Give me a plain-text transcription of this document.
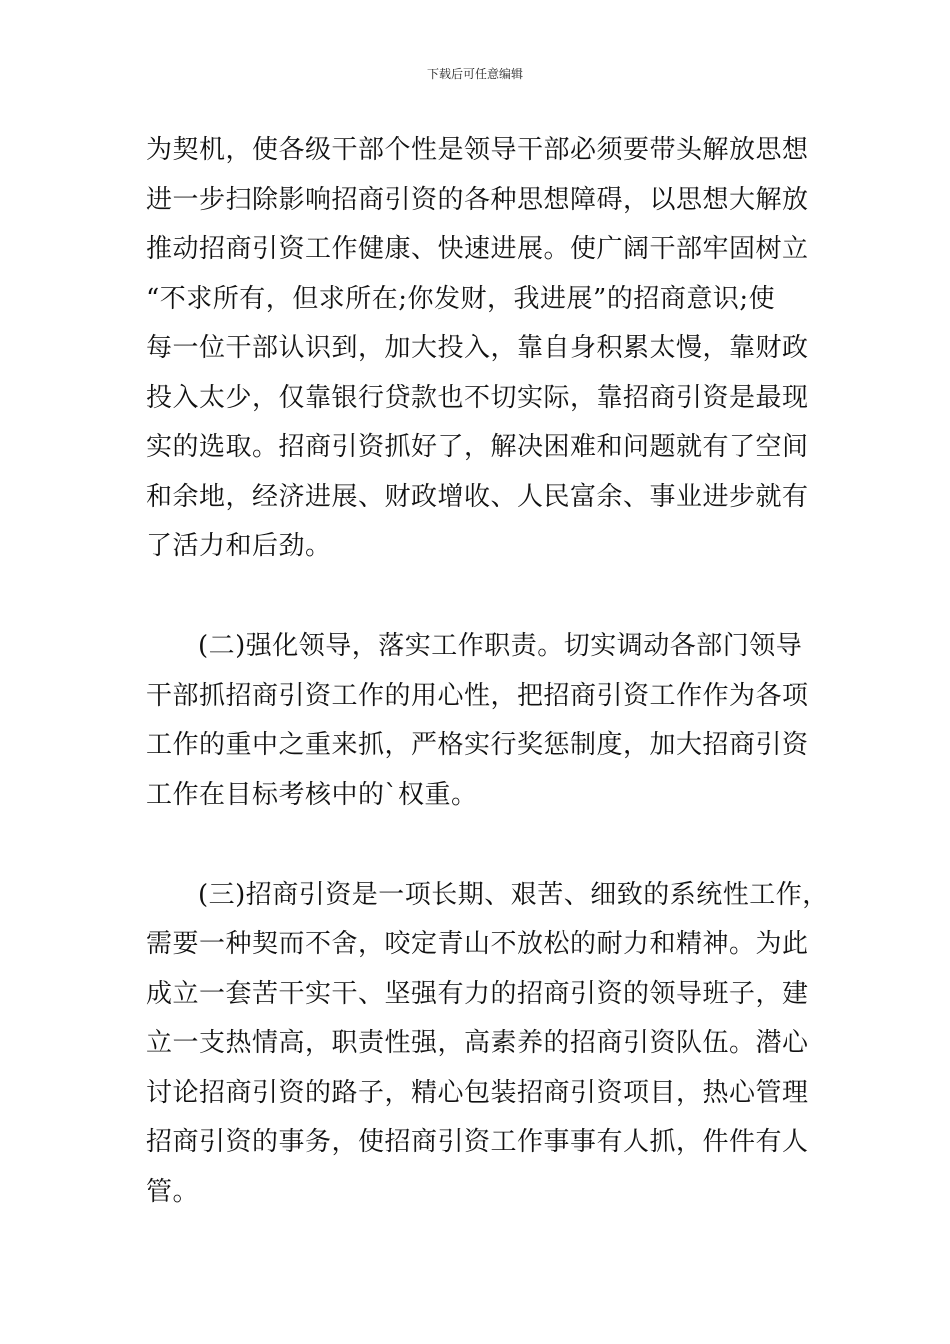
下载后可任意编辑
为契机，使各级干部个性是领导干部必须要带头解放思想
进一步扫除影响招商引资的各种思想障碍，以思想大解放
推动招商引资工作健康、快速进展。使广阔干部牢固树立
“不求所有，但求所在;你发财，我进展”的招商意识;使
每一位干部认识到，加大投入，靠自身积累太慢，靠财政
投入太少，仅靠银行贷款也不切实际，靠招商引资是最现
实的选取。招商引资抓好了，解决困难和问题就有了空间
和余地，经济进展、财政增收、人民富余、事业进步就有
了活力和后劲。
(二)强化领导，落实工作职责。切实调动各部门领导
干部抓招商引资工作的用心性，把招商引资工作作为各项
工作的重中之重来抓，严格实行奖惩制度，加大招商引资
工作在目标考核中的`权重。
(三)招商引资是一项长期、艰苦、细致的系统性工作，
需要一种契而不舍，咬定青山不放松的耐力和精神。为此
成立一套苦干实干、坚强有力的招商引资的领导班子，建
立一支热情高，职责性强，高素养的招商引资队伍。潜心
讨论招商引资的路子，精心包装招商引资项目，热心管理
招商引资的事务，使招商引资工作事事有人抓，件件有人
管。
